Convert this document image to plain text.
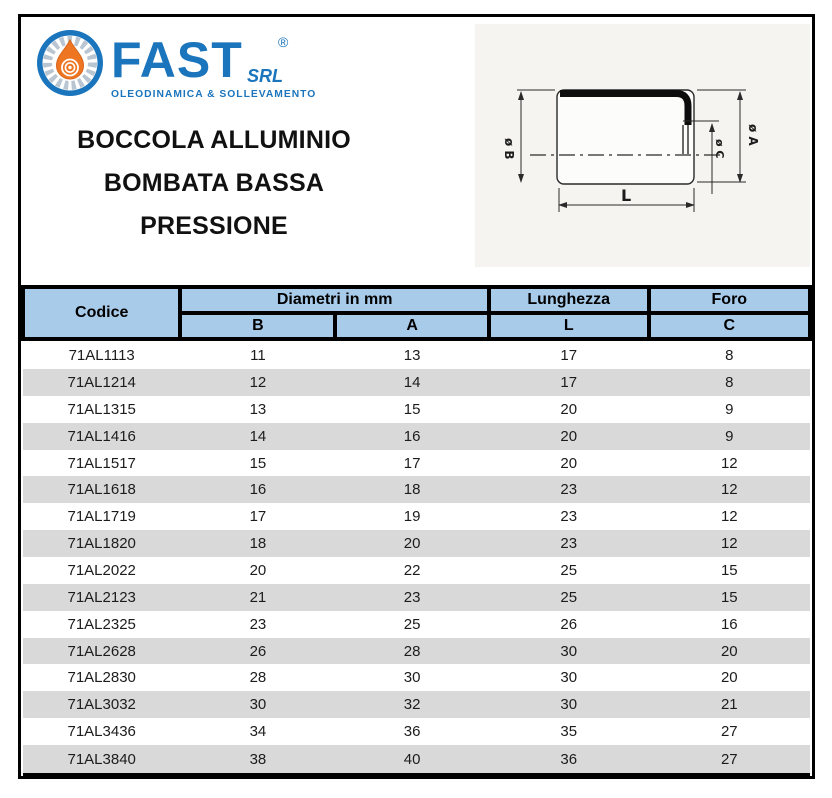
FAST SRL
®
OLEODINAMICA & SOLLEVAMENTO
BOCCOLA ALLUMINIO
BOMBATA BASSA
PRESSIONE
ø B
ø A
ø C
L
Codice	Diametri in mm		Lunghezza	Foro
	B	A	L	C
71AL1113	11	13	17	8
71AL1214	12	14	17	8
71AL1315	13	15	20	9
71AL1416	14	16	20	9
71AL1517	15	17	20	12
71AL1618	16	18	23	12
71AL1719	17	19	23	12
71AL1820	18	20	23	12
71AL2022	20	22	25	15
71AL2123	21	23	25	15
71AL2325	23	25	26	16
71AL2628	26	28	30	20
71AL2830	28	30	30	20
71AL3032	30	32	30	21
71AL3436	34	36	35	27
71AL3840	38	40	36	27
